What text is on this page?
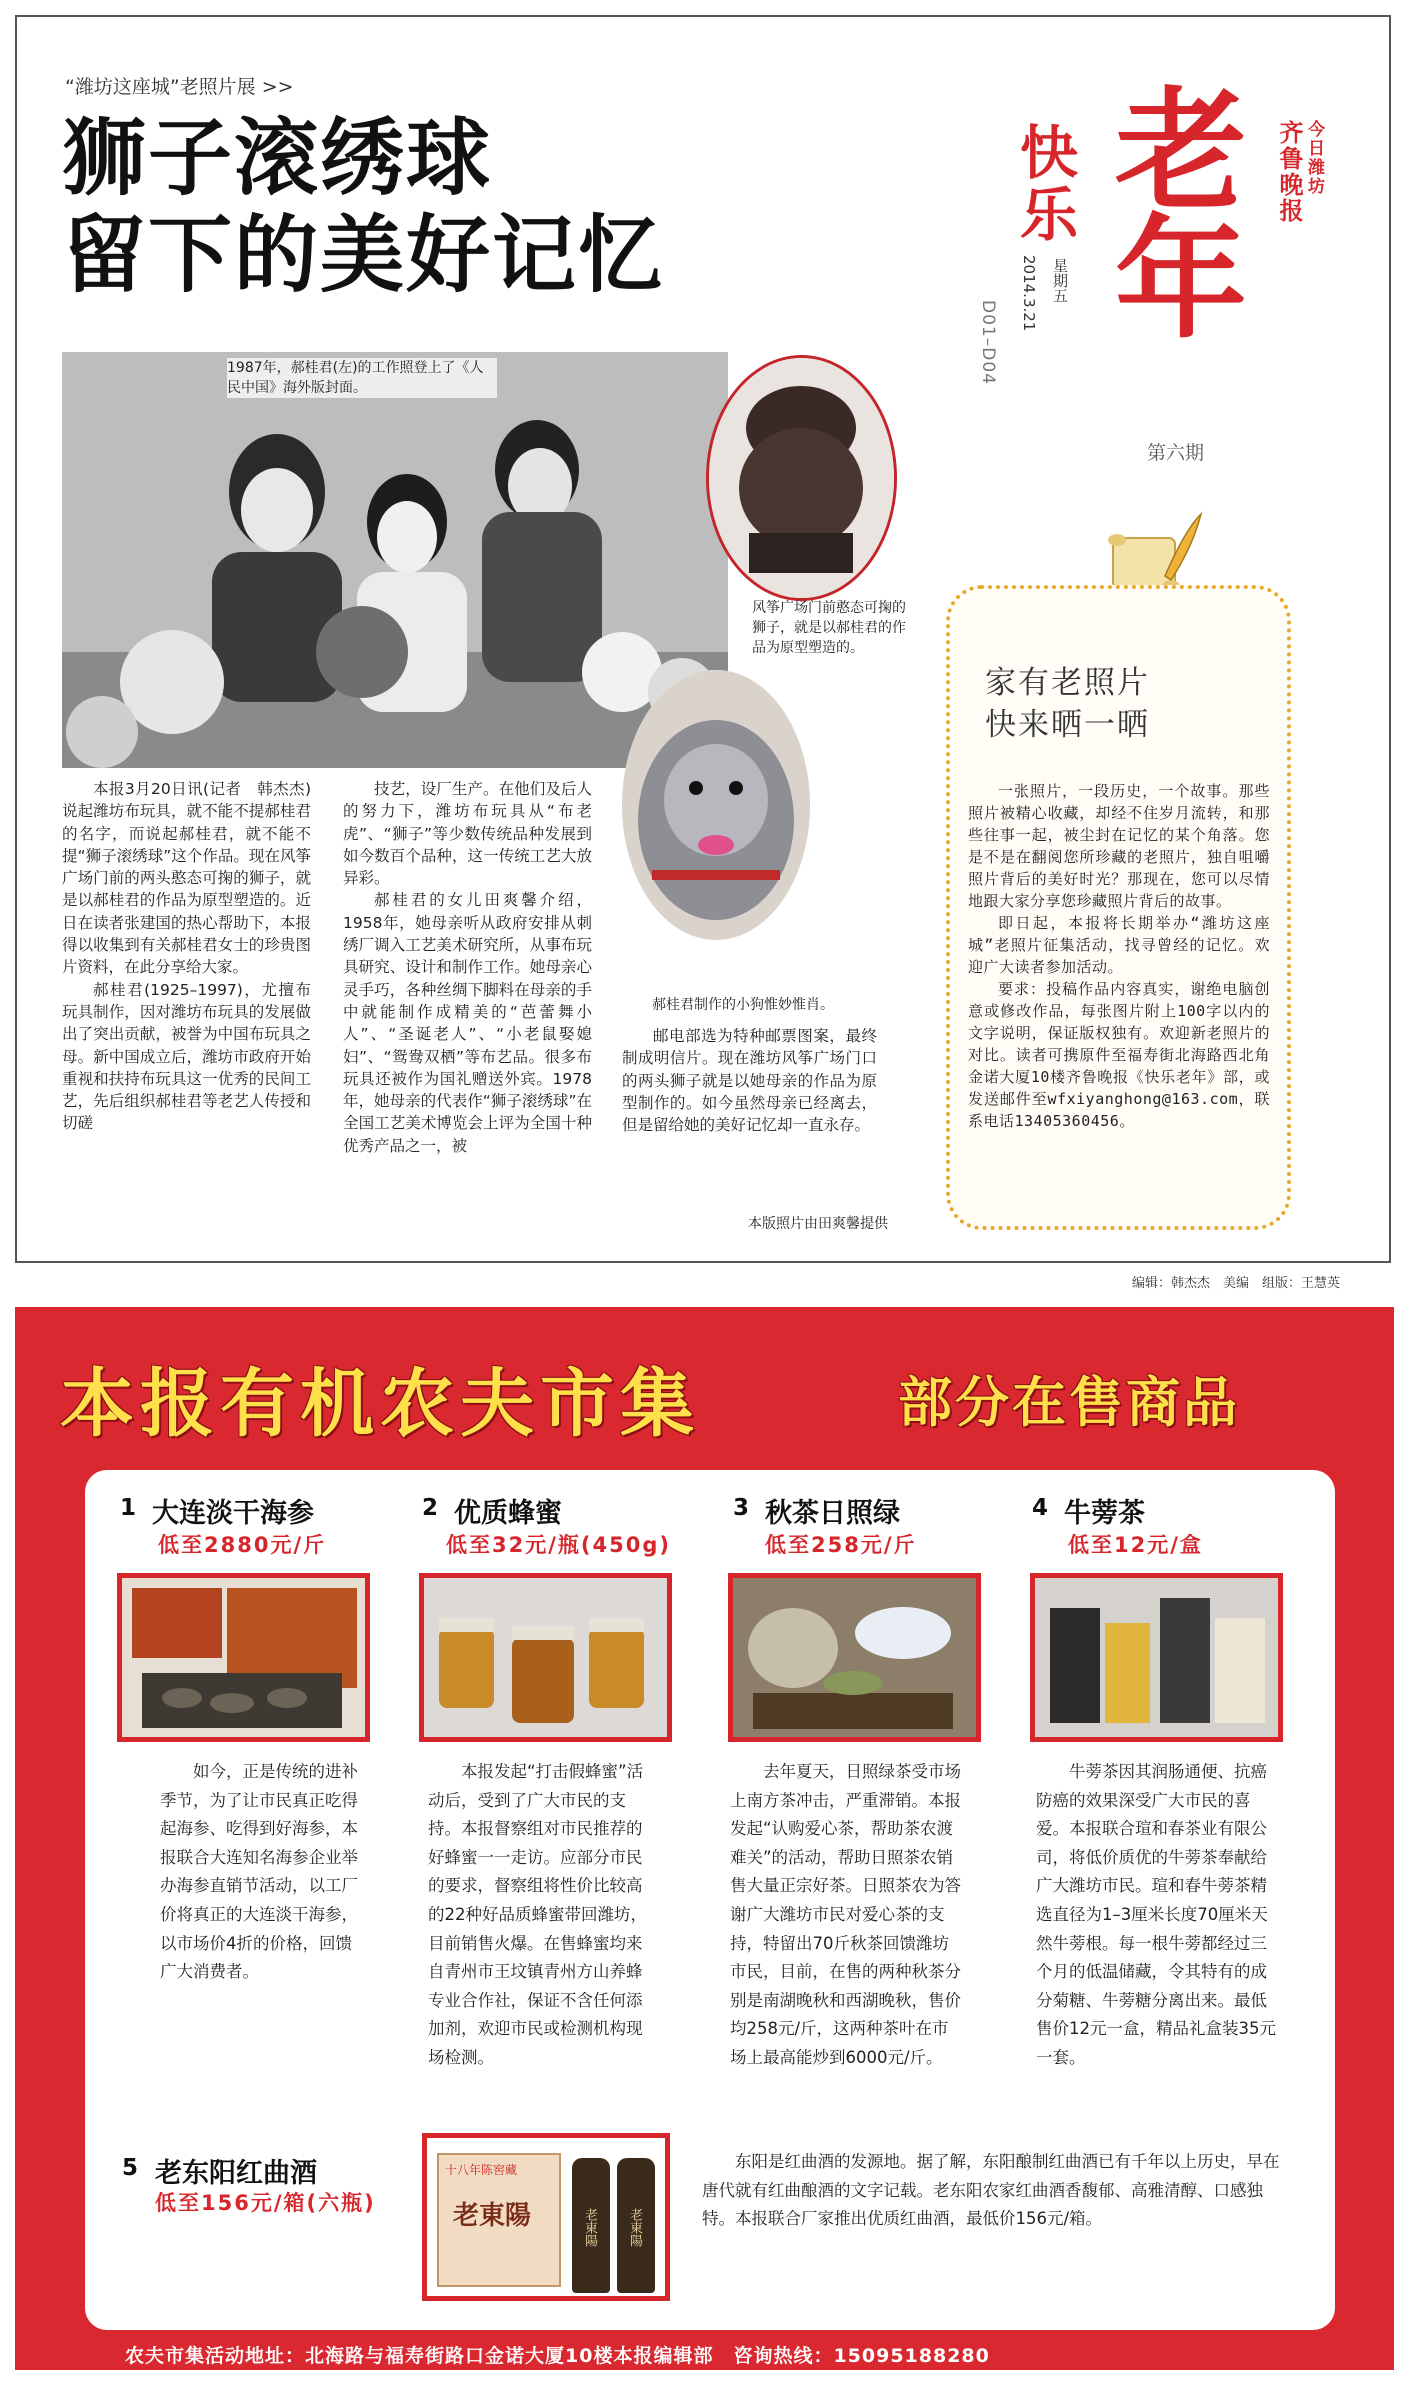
“潍坊这座城”老照片展 >>
狮子滚绣球
留下的美好记忆
1987年，郝桂君(左)的工作照登上了《人民中国》海外版封面。
风筝广场门前憨态可掬的狮子，就是以郝桂君的作品为原型塑造的。
郝桂君制作的小狗惟妙惟肖。

本报3月20日讯(记者　韩杰杰)说起潍坊布玩具，就不能不提郝桂君的名字，而说起郝桂君，就不能不提“狮子滚绣球”这个作品。现在风筝广场门前的两头憨态可掬的狮子，就是以郝桂君的作品为原型塑造的。近日在读者张建国的热心帮助下，本报得以收集到有关郝桂君女士的珍贵图片资料，在此分享给大家。

郝桂君(1925–1997)，尤擅布玩具制作，因对潍坊布玩具的发展做出了突出贡献，被誉为中国布玩具之母。新中国成立后，潍坊市政府开始重视和扶持布玩具这一优秀的民间工艺，先后组织郝桂君等老艺人传授和切磋

技艺，设厂生产。在他们及后人的努力下，潍坊布玩具从“布老虎”、“狮子”等少数传统品种发展到如今数百个品种，这一传统工艺大放异彩。

郝桂君的女儿田爽馨介绍，1958年，她母亲听从政府安排从刺绣厂调入工艺美术研究所，从事布玩具研究、设计和制作工作。她母亲心灵手巧，各种丝绸下脚料在母亲的手中就能制作成精美的“芭蕾舞小人”、“圣诞老人”、“小老鼠娶媳妇”、“鸳鸯双栖”等布艺品。很多布玩具还被作为国礼赠送外宾。1978年，她母亲的代表作“狮子滚绣球”在全国工艺美术博览会上评为全国十种优秀产品之一，被

邮电部选为特种邮票图案，最终制成明信片。现在潍坊风筝广场门口的两头狮子就是以她母亲的作品为原型制作的。如今虽然母亲已经离去，但是留给她的美好记忆却一直永存。

本版照片由田爽馨提供
老
年
快
乐	齐鲁晚报 今日潍坊
星期五
2014.3.21
D01–D04
第六期
家有老照片
快来晒一晒

一张照片，一段历史，一个故事。那些照片被精心收藏，却经不住岁月流转，和那些往事一起，被尘封在记忆的某个角落。您是不是在翻阅您所珍藏的老照片，独自咀嚼照片背后的美好时光？那现在，您可以尽情地跟大家分享您珍藏照片背后的故事。

即日起，本报将长期举办“潍坊这座城”老照片征集活动，找寻曾经的记忆。欢迎广大读者参加活动。

要求：投稿作品内容真实，谢绝电脑创意或修改作品，每张图片附上100字以内的文字说明，保证版权独有。欢迎新老照片的对比。读者可携原件至福寿街北海路西北角金诺大厦10楼齐鲁晚报《快乐老年》部，或发送邮件至wfxiyanghong@163.com，联系电话13405360456。

编辑：韩杰杰　美编　组版：王慧英
本报有机农夫市集	部分在售商品
1 大连淡干海参
低至2880元/斤

如今，正是传统的进补季节，为了让市民真正吃得起海参、吃得到好海参，本报联合大连知名海参企业举办海参直销节活动，以工厂价将真正的大连淡干海参，以市场价4折的价格，回馈广大消费者。

2 优质蜂蜜
低至32元/瓶(450g)

本报发起“打击假蜂蜜”活动后，受到了广大市民的支持。本报督察组对市民推荐的好蜂蜜一一走访。应部分市民的要求，督察组将性价比较高的22种好品质蜂蜜带回潍坊，目前销售火爆。在售蜂蜜均来自青州市王坟镇青州方山养蜂专业合作社，保证不含任何添加剂，欢迎市民或检测机构现场检测。

3 秋茶日照绿
低至258元/斤

去年夏天，日照绿茶受市场上南方茶冲击，严重滞销。本报发起“认购爱心茶，帮助茶农渡难关”的活动，帮助日照茶农销售大量正宗好茶。日照茶农为答谢广大潍坊市民对爱心茶的支持，特留出70斤秋茶回馈潍坊市民，目前，在售的两种秋茶分别是南湖晚秋和西湖晚秋，售价均258元/斤，这两种茶叶在市场上最高能炒到6000元/斤。

4 牛蒡茶
低至12元/盒

牛蒡茶因其润肠通便、抗癌防癌的效果深受广大市民的喜爱。本报联合瑄和春茶业有限公司，将低价质优的牛蒡茶奉献给广大潍坊市民。瑄和春牛蒡茶精选直径为1–3厘米长度70厘米天然牛蒡根。每一根牛蒡都经过三个月的低温储藏，令其特有的成分菊糖、牛蒡糖分离出来。最低售价12元一盒，精品礼盒装35元一套。

5 老东阳红曲酒
低至156元/箱(六瓶)
十八年陈窖藏
老東陽	老東陽 老東陽

东阳是红曲酒的发源地。据了解，东阳酿制红曲酒已有千年以上历史，早在唐代就有红曲酿酒的文字记载。老东阳农家红曲酒香馥郁、高雅清醇、口感独特。本报联合厂家推出优质红曲酒，最低价156元/箱。

农夫市集活动地址：北海路与福寿街路口金诺大厦10楼本报编辑部　咨询热线：15095188280
